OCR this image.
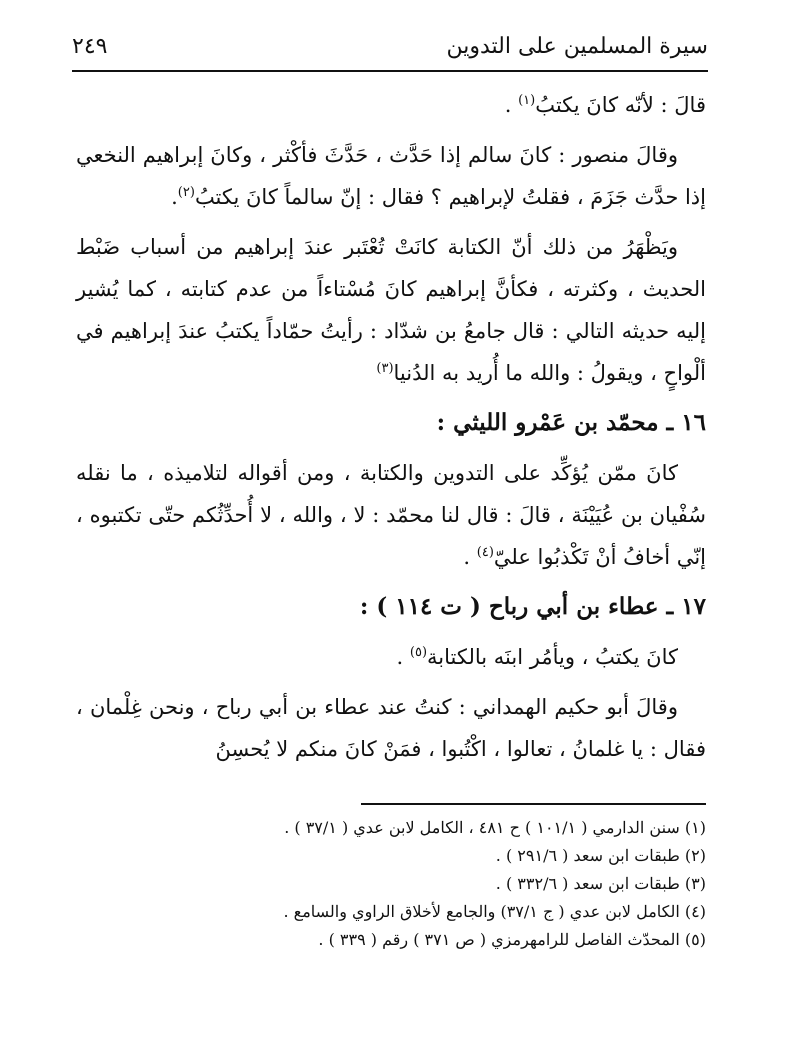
سيرة المسلمين على التدوين
٢٤٩

قالَ : لأنّه كانَ يكتبُ$^{(١)}$ .

وقالَ منصور : كانَ سالم إذا حَدَّث ، حَدَّثَ فأكْثر ، وكانَ إبراهيم النخعي إذا حدَّث جَزَمَ ، فقلتُ لإبراهيم ؟ فقال : إنّ سالماً كانَ يكتبُ$^{(٢)}$.

ويَظْهَرُ من ذلك أنّ الكتابة كانَتْ تُعْتَبر عندَ إبراهيم من أسباب ضَبْط الحديث ، وكثرته ، فكأنَّ إبراهيم كانَ مُسْتاءاً من عدم كتابته ، كما يُشير إليه حديثه التالي : قال جامعُ بن شدّاد : رأيتُ حمّاداً يكتبُ عندَ إبراهيم في ألْواحٍ ، ويقولُ : والله ما أُريد به الدُنيا$^{(٣)}$

١٦ ـ محمّد بن عَمْرو الليثي :

كانَ ممّن يُؤكِّد على التدوين والكتابة ، ومن أقواله لتلاميذه ، ما نقله سُفْيان بن عُيَيْنَة ، قالَ : قال لنا محمّد : لا ، والله ، لا أُحدِّثُكم حتّى تكتبوه ، إنّي أخافُ أنْ تَكْذبُوا عليّ$^{(٤)}$ .

١٧ ـ عطاء بن أبي رباح ( ت ١١٤ ) :

كانَ يكتبُ ، ويأمُر ابنَه بالكتابة$^{(٥)}$ .

وقالَ أبو حكيم الهمداني : كنتُ عند عطاء بن أبي رباح ، ونحن غِلْمان ، فقال : يا غلمانُ ، تعالوا ، اكْتُبوا ، فمَنْ كانَ منكم لا يُحسِنُ

(١) سنن الدارمي ( ١٠١/١ ) ح ٤٨١ ، الكامل لابن عدي ( ٣٧/١ ) .
(٢) طبقات ابن سعد ( ٢٩١/٦ ) .
(٣) طبقات ابن سعد ( ٣٣٢/٦ ) .
(٤) الكامل لابن عدي ( ج ٣٧/١) والجامع لأخلاق الراوي والسامع .
(٥) المحدّث الفاصل للرامهرمزي ( ص ٣٧١ ) رقم ( ٣٣٩ ) .
